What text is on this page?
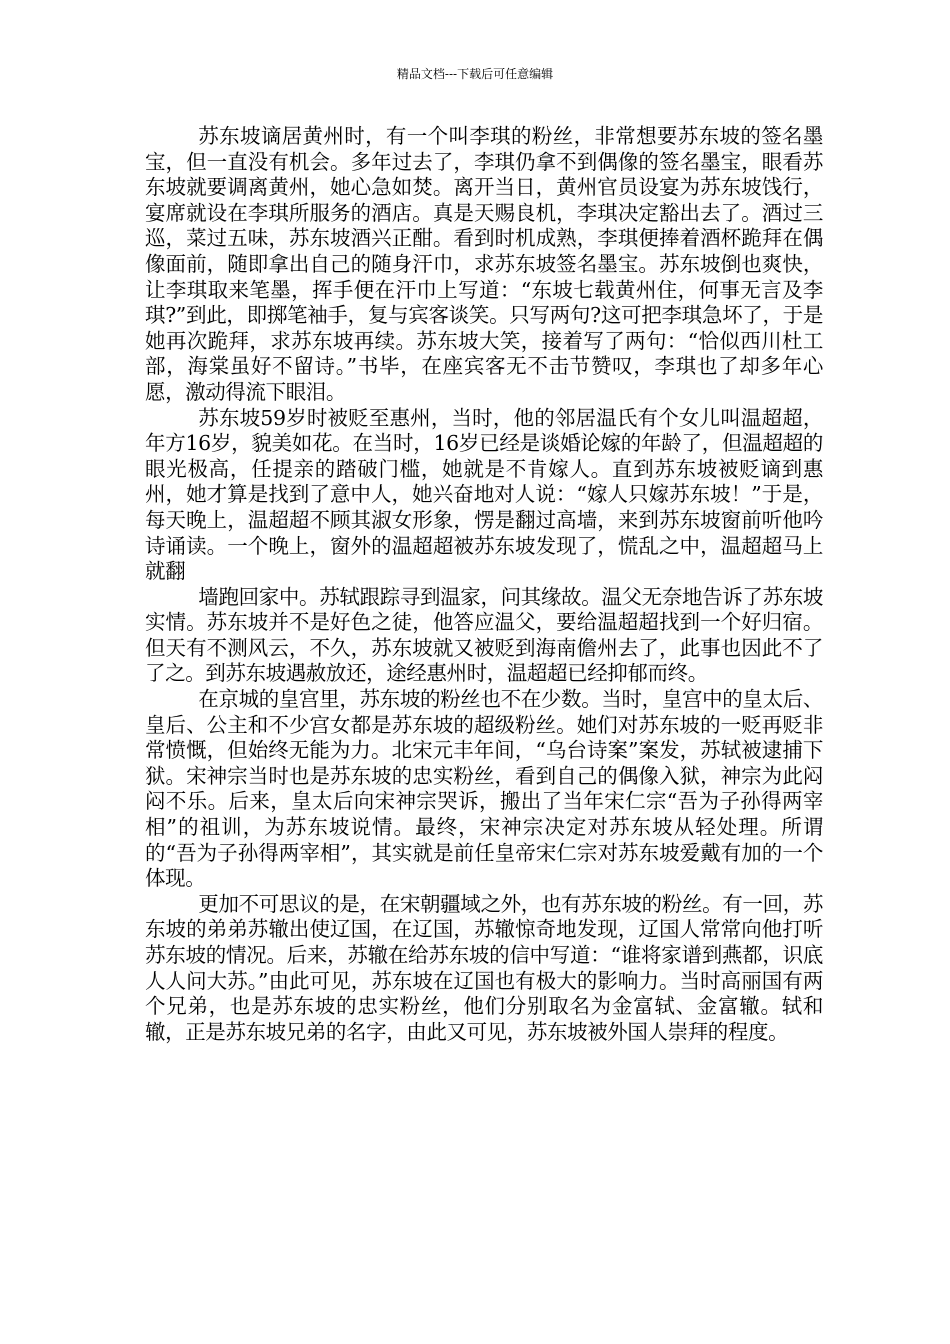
精品文档---下载后可任意编辑

苏东坡谪居黄州时，有一个叫李琪的粉丝，非常想要苏东坡的签名墨宝，但一直没有机会。多年过去了，李琪仍拿不到偶像的签名墨宝，眼看苏东坡就要调离黄州，她心急如焚。离开当日，黄州官员设宴为苏东坡饯行，宴席就设在李琪所服务的酒店。真是天赐良机，李琪决定豁出去了。酒过三巡，菜过五味，苏东坡酒兴正酣。看到时机成熟，李琪便捧着酒杯跪拜在偶像面前，随即拿出自己的随身汗巾，求苏东坡签名墨宝。苏东坡倒也爽快，让李琪取来笔墨，挥手便在汗巾上写道：“东坡七载黄州住，何事无言及李琪?”到此，即掷笔袖手，复与宾客谈笑。只写两句?这可把李琪急坏了，于是她再次跪拜，求苏东坡再续。苏东坡大笑，接着写了两句：“恰似西川杜工部，海棠虽好不留诗。”书毕，在座宾客无不击节赞叹，李琪也了却多年心愿，激动得流下眼泪。

苏东坡59岁时被贬至惠州，当时，他的邻居温氏有个女儿叫温超超，年方16岁，貌美如花。在当时，16岁已经是谈婚论嫁的年龄了，但温超超的眼光极高，任提亲的踏破门槛，她就是不肯嫁人。直到苏东坡被贬谪到惠州，她才算是找到了意中人，她兴奋地对人说：“嫁人只嫁苏东坡！”于是，每天晚上，温超超不顾其淑女形象，愣是翻过高墙，来到苏东坡窗前听他吟诗诵读。一个晚上，窗外的温超超被苏东坡发现了，慌乱之中，温超超马上就翻

墙跑回家中。苏轼跟踪寻到温家，问其缘故。温父无奈地告诉了苏东坡实情。苏东坡并不是好色之徒，他答应温父，要给温超超找到一个好归宿。但天有不测风云，不久，苏东坡就又被贬到海南儋州去了，此事也因此不了了之。到苏东坡遇赦放还，途经惠州时，温超超已经抑郁而终。

在京城的皇宫里，苏东坡的粉丝也不在少数。当时，皇宫中的皇太后、皇后、公主和不少宫女都是苏东坡的超级粉丝。她们对苏东坡的一贬再贬非常愤慨，但始终无能为力。北宋元丰年间，“乌台诗案”案发，苏轼被逮捕下狱。宋神宗当时也是苏东坡的忠实粉丝，看到自己的偶像入狱，神宗为此闷闷不乐。后来，皇太后向宋神宗哭诉，搬出了当年宋仁宗“吾为子孙得两宰相”的祖训，为苏东坡说情。最终，宋神宗决定对苏东坡从轻处理。所谓的“吾为子孙得两宰相”，其实就是前任皇帝宋仁宗对苏东坡爱戴有加的一个体现。

更加不可思议的是，在宋朝疆域之外，也有苏东坡的粉丝。有一回，苏东坡的弟弟苏辙出使辽国，在辽国，苏辙惊奇地发现，辽国人常常向他打听苏东坡的情况。后来，苏辙在给苏东坡的信中写道：“谁将家谱到燕都，识底人人问大苏。”由此可见，苏东坡在辽国也有极大的影响力。当时高丽国有两个兄弟，也是苏东坡的忠实粉丝，他们分别取名为金富轼、金富辙。轼和辙，正是苏东坡兄弟的名字，由此又可见，苏东坡被外国人崇拜的程度。
